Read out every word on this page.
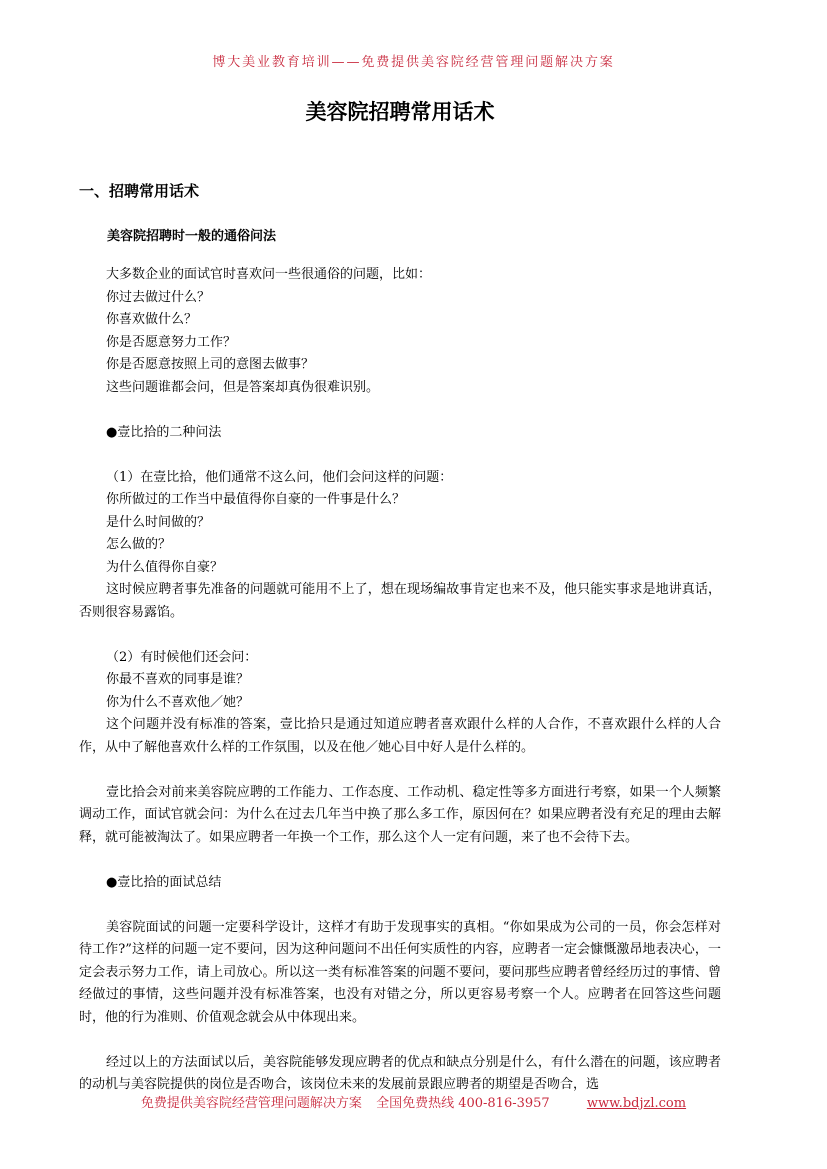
博大美业教育培训——免费提供美容院经营管理问题解决方案
美容院招聘常用话术
一、招聘常用话术
美容院招聘时一般的通俗问法

大多数企业的面试官时喜欢问一些很通俗的问题，比如：

你过去做过什么？

你喜欢做什么？

你是否愿意努力工作？

你是否愿意按照上司的意图去做事？

这些问题谁都会问，但是答案却真伪很难识别。

●壹比拾的二种问法

（1）在壹比拾，他们通常不这么问，他们会问这样的问题：

你所做过的工作当中最值得你自豪的一件事是什么？

是什么时间做的？

怎么做的？

为什么值得你自豪？

这时候应聘者事先准备的问题就可能用不上了，想在现场编故事肯定也来不及，他只能实事求是地讲真话，否则很容易露馅。

（2）有时候他们还会问：

你最不喜欢的同事是谁？

你为什么不喜欢他／她？

这个问题并没有标准的答案，壹比拾只是通过知道应聘者喜欢跟什么样的人合作，不喜欢跟什么样的人合作，从中了解他喜欢什么样的工作氛围，以及在他／她心目中好人是什么样的。

壹比拾会对前来美容院应聘的工作能力、工作态度、工作动机、稳定性等多方面进行考察，如果一个人频繁调动工作，面试官就会问：为什么在过去几年当中换了那么多工作，原因何在？如果应聘者没有充足的理由去解释，就可能被淘汰了。如果应聘者一年换一个工作，那么这个人一定有问题，来了也不会待下去。

●壹比拾的面试总结

美容院面试的问题一定要科学设计，这样才有助于发现事实的真相。“你如果成为公司的一员，你会怎样对待工作?”这样的问题一定不要问，因为这种问题问不出任何实质性的内容，应聘者一定会慷慨激昂地表决心，一定会表示努力工作，请上司放心。所以这一类有标准答案的问题不要问，要问那些应聘者曾经经历过的事情、曾经做过的事情，这些问题并没有标准答案，也没有对错之分，所以更容易考察一个人。应聘者在回答这些问题时，他的行为准则、价值观念就会从中体现出来。

经过以上的方法面试以后，美容院能够发现应聘者的优点和缺点分别是什么，有什么潜在的问题，该应聘者的动机与美容院提供的岗位是否吻合，该岗位未来的发展前景跟应聘者的期望是否吻合，选

免费提供美容院经营管理问题解决方案 全国免费热线 400-816-3957	www.bdjzl.com
